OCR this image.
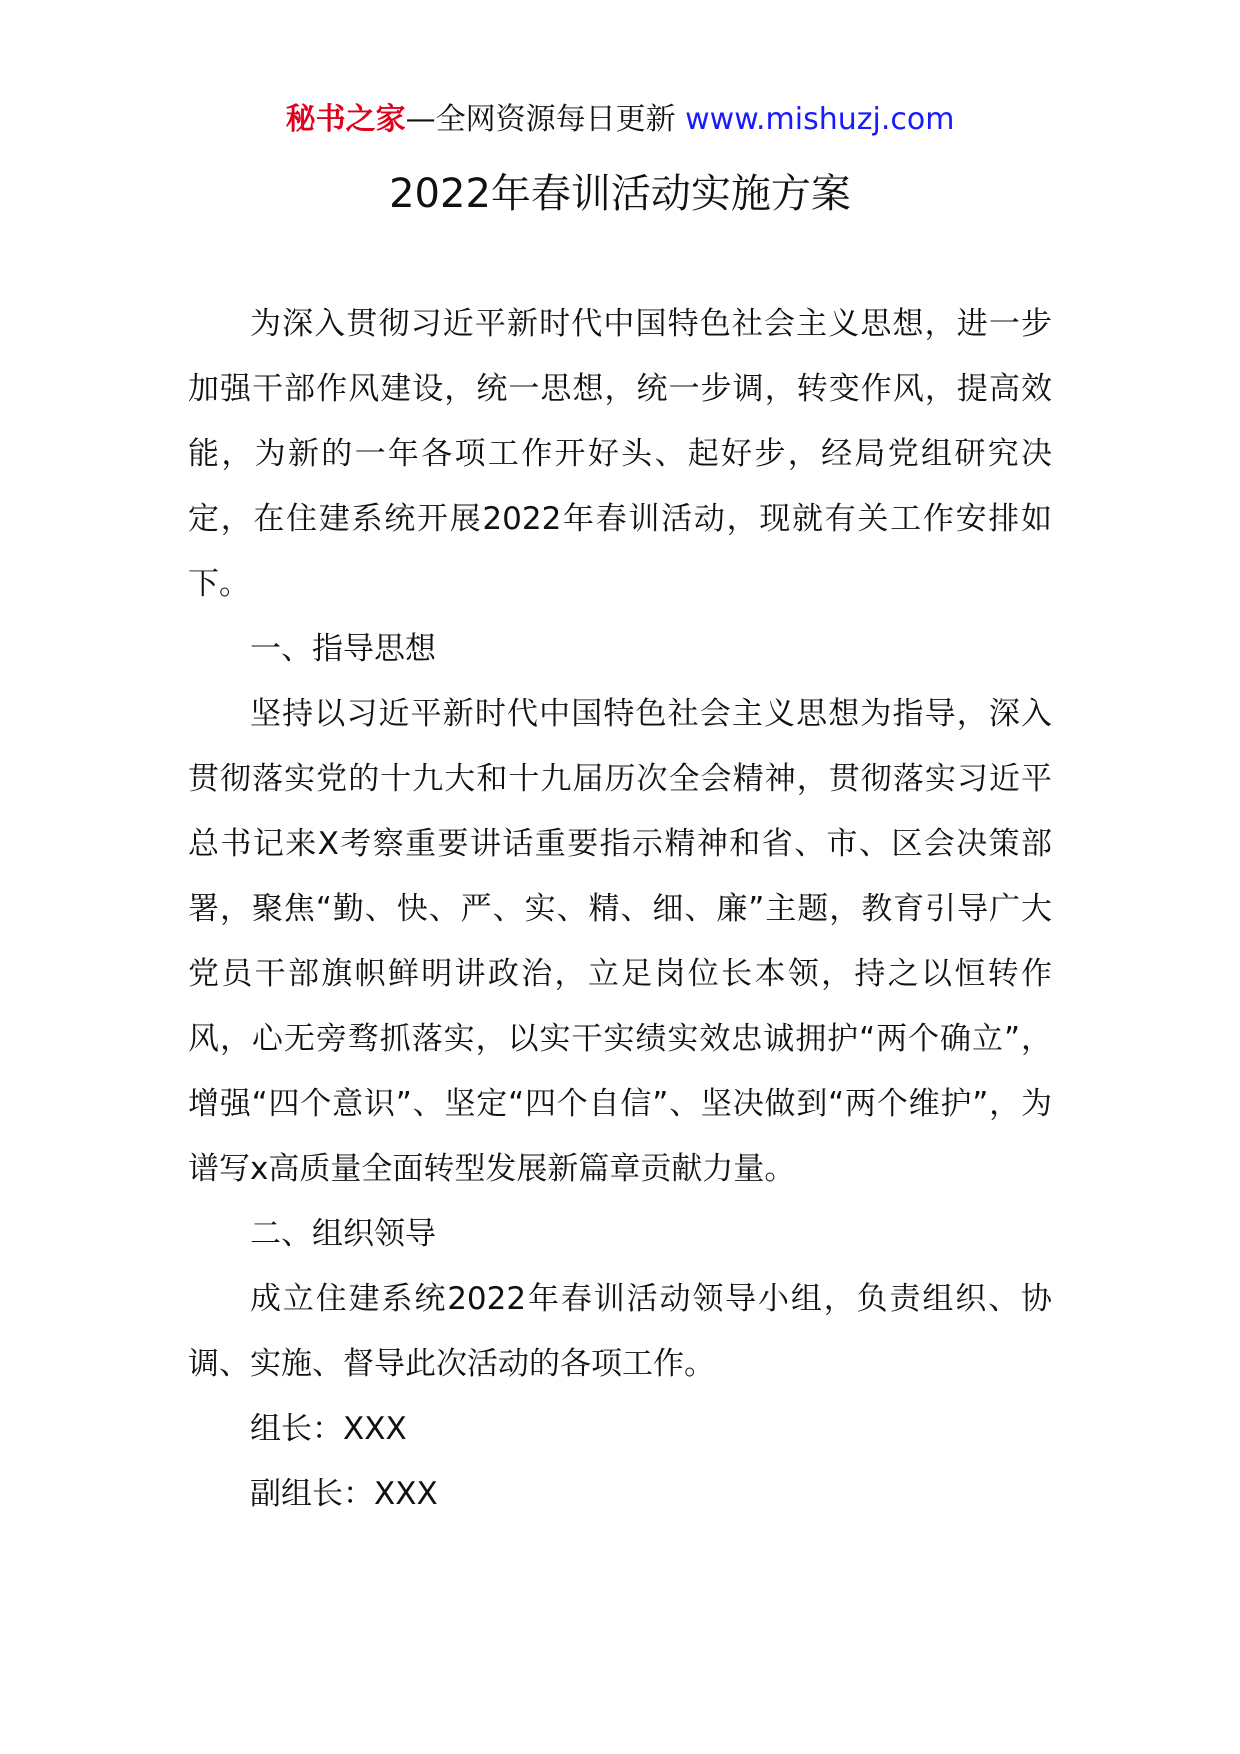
秘书之家—全网资源每日更新 www.mishuzj.com
2022年春训活动实施方案

为深入贯彻习近平新时代中国特色社会主义思想，进一步加强干部作风建设，统一思想，统一步调，转变作风，提高效能，为新的一年各项工作开好头、起好步，经局党组研究决定，在住建系统开展2022年春训活动，现就有关工作安排如下。

一、指导思想

坚持以习近平新时代中国特色社会主义思想为指导，深入贯彻落实党的十九大和十九届历次全会精神，贯彻落实习近平总书记来X考察重要讲话重要指示精神和省、市、区会决策部署，聚焦“勤、快、严、实、精、细、廉”主题，教育引导广大党员干部旗帜鲜明讲政治，立足岗位长本领，持之以恒转作风，心无旁骛抓落实，以实干实绩实效忠诚拥护“两个确立”，增强“四个意识”、坚定“四个自信”、坚决做到“两个维护”，为谱写x高质量全面转型发展新篇章贡献力量。

二、组织领导

成立住建系统2022年春训活动领导小组，负责组织、协调、实施、督导此次活动的各项工作。

组长：XXX

副组长：XXX
